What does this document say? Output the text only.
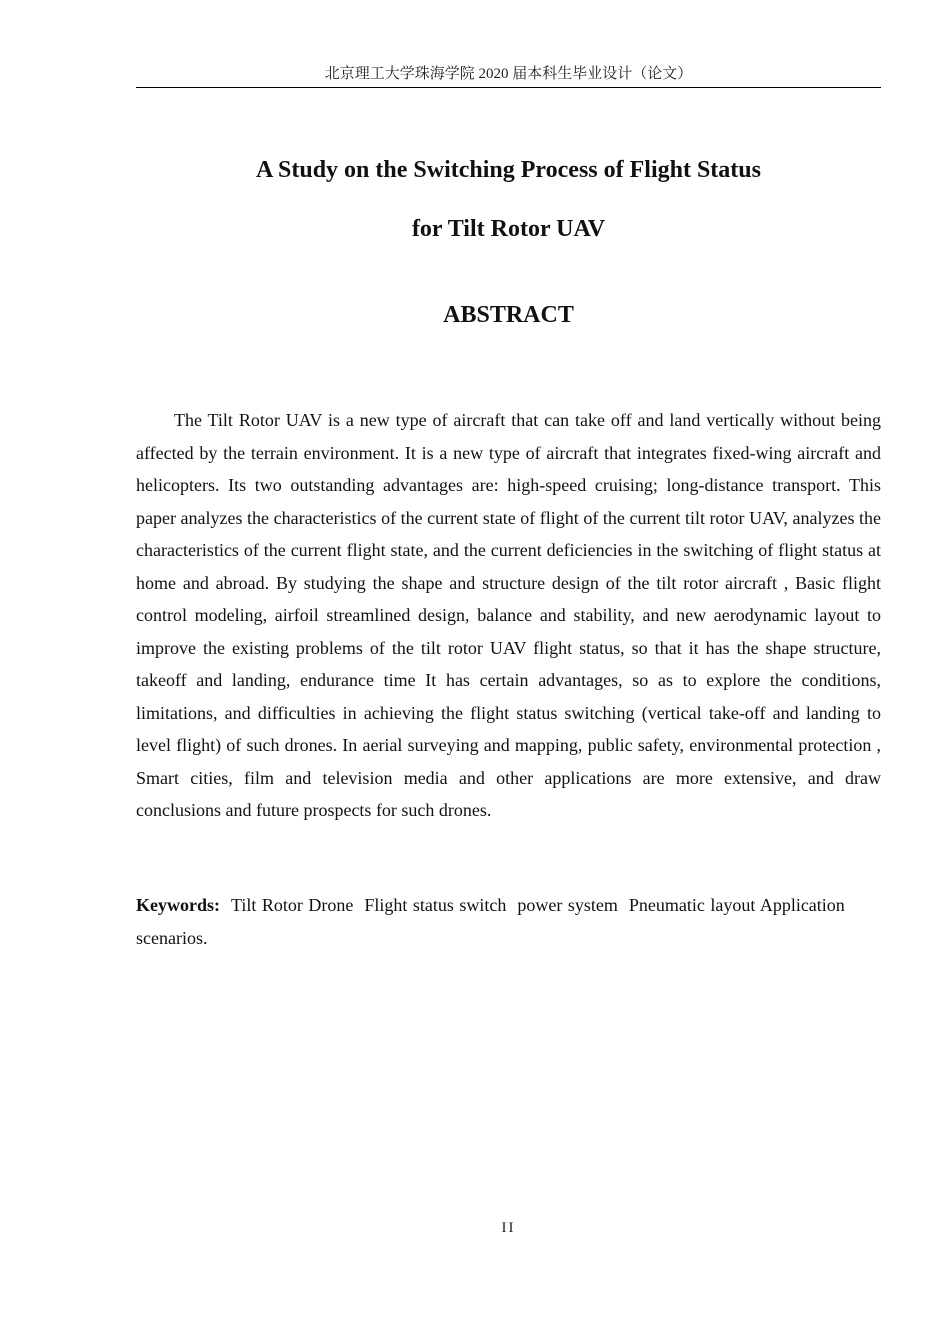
北京理工大学珠海学院 2020 届本科生毕业设计（论文）
A Study on the Switching Process of Flight Status
for Tilt Rotor UAV
ABSTRACT

The Tilt Rotor UAV is a new type of aircraft that can take off and land vertically without being affected by the terrain environment. It is a new type of aircraft that integrates fixed-wing aircraft and helicopters. Its two outstanding advantages are: high-speed cruising; long-distance transport. This paper analyzes the characteristics of the current state of flight of the current tilt rotor UAV, analyzes the characteristics of the current flight state, and the current deficiencies in the switching of flight status at home and abroad. By studying the shape and structure design of the tilt rotor aircraft , Basic flight control modeling, airfoil streamlined design, balance and stability, and new aerodynamic layout to improve the existing problems of the tilt rotor UAV flight status, so that it has the shape structure, takeoff and landing, endurance time It has certain advantages, so as to explore the conditions, limitations, and difficulties in achieving the flight status switching (vertical take-off and landing to level flight) of such drones. In aerial surveying and mapping, public safety, environmental protection , Smart cities, film and television media and other applications are more extensive, and draw conclusions and future prospects for such drones.

Keywords: Tilt Rotor Drone  Flight status switch  power system  Pneumatic layout Application scenarios.

II
